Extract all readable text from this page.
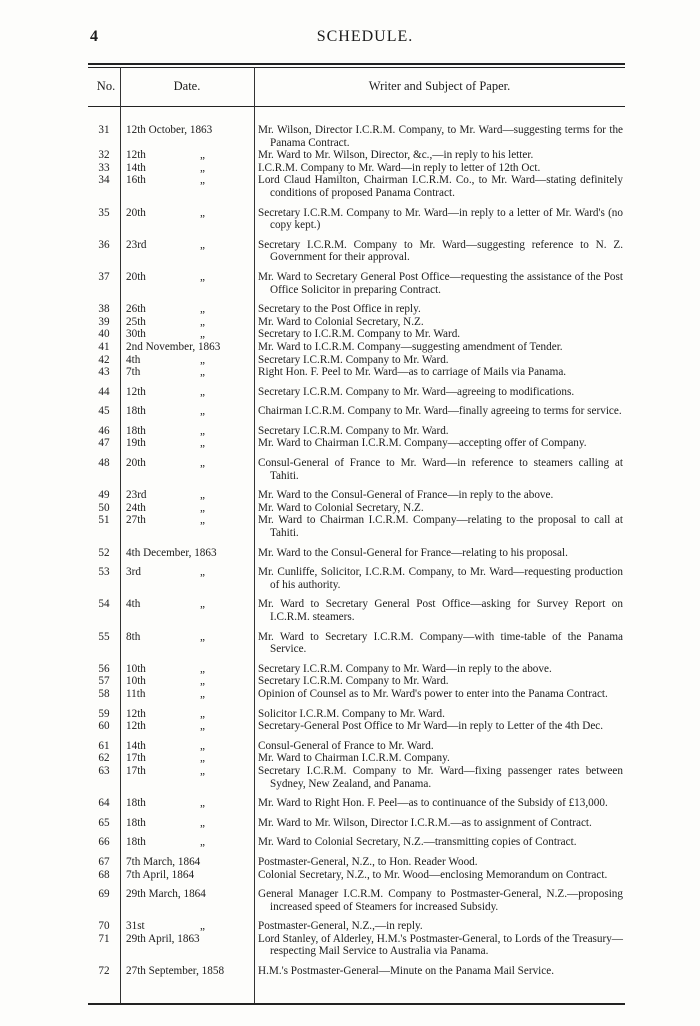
4	SCHEDULE.
No.	Date.	Writer and Subject of Paper.
31	12th October, 1863	Mr. Wilson, Director I.C.R.M. Company, to Mr. Ward—suggesting terms for the Panama Contract.
32	12th	„	Mr. Ward to Mr. Wilson, Director, &c.,—in reply to his letter.
33	14th	„	I.C.R.M. Company to Mr. Ward—in reply to letter of 12th Oct.
34	16th	„	Lord Claud Hamilton, Chairman I.C.R.M. Co., to Mr. Ward—stating definitely conditions of proposed Panama Contract.
35	20th	„	Secretary I.C.R.M. Company to Mr. Ward—in reply to a letter of Mr. Ward's (no copy kept.)
36	23rd	„	Secretary I.C.R.M. Company to Mr. Ward—suggesting reference to N. Z. Government for their approval.
37	20th	„	Mr. Ward to Secretary General Post Office—requesting the assistance of the Post Office Solicitor in preparing Contract.
38	26th	„	Secretary to the Post Office in reply.
39	25th	„	Mr. Ward to Colonial Secretary, N.Z.
40	30th	„	Secretary to I.C.R.M. Company to Mr. Ward.
41	2nd November, 1863	Mr. Ward to I.C.R.M. Company—suggesting amendment of Tender.
42	4th	„	Secretary I.C.R.M. Company to Mr. Ward.
43	7th	„	Right Hon. F. Peel to Mr. Ward—as to carriage of Mails via Panama.
44	12th	„	Secretary I.C.R.M. Company to Mr. Ward—agreeing to modifications.
45	18th	„	Chairman I.C.R.M. Company to Mr. Ward—finally agreeing to terms for service.
46	18th	„	Secretary I.C.R.M. Company to Mr. Ward.
47	19th	„	Mr. Ward to Chairman I.C.R.M. Company—accepting offer of Company.
48	20th	„	Consul-General of France to Mr. Ward—in reference to steamers calling at Tahiti.
49	23rd	„	Mr. Ward to the Consul-General of France—in reply to the above.
50	24th	„	Mr. Ward to Colonial Secretary, N.Z.
51	27th	„	Mr. Ward to Chairman I.C.R.M. Company—relating to the proposal to call at Tahiti.
52	4th December, 1863	Mr. Ward to the Consul-General for France—relating to his proposal.
53	3rd	„	Mr. Cunliffe, Solicitor, I.C.R.M. Company, to Mr. Ward—requesting production of his authority.
54	4th	„	Mr. Ward to Secretary General Post Office—asking for Survey Report on I.C.R.M. steamers.
55	8th	„	Mr. Ward to Secretary I.C.R.M. Company—with time-table of the Panama Service.
56	10th	„	Secretary I.C.R.M. Company to Mr. Ward—in reply to the above.
57	10th	„	Secretary I.C.R.M. Company to Mr. Ward.
58	11th	„	Opinion of Counsel as to Mr. Ward's power to enter into the Panama Contract.
59	12th	„	Solicitor I.C.R.M. Company to Mr. Ward.
60	12th	„	Secretary-General Post Office to Mr Ward—in reply to Letter of the 4th Dec.
61	14th	„	Consul-General of France to Mr. Ward.
62	17th	„	Mr. Ward to Chairman I.C.R.M. Company.
63	17th	„	Secretary I.C.R.M. Company to Mr. Ward—fixing passenger rates between Sydney, New Zealand, and Panama.
64	18th	„	Mr. Ward to Right Hon. F. Peel—as to continuance of the Subsidy of £13,000.
65	18th	„	Mr. Ward to Mr. Wilson, Director I.C.R.M.—as to assignment of Contract.
66	18th	„	Mr. Ward to Colonial Secretary, N.Z.—transmitting copies of Contract.
67	7th March, 1864	Postmaster-General, N.Z., to Hon. Reader Wood.
68	7th April, 1864	Colonial Secretary, N.Z., to Mr. Wood—enclosing Memorandum on Contract.
69	29th March, 1864	General Manager I.C.R.M. Company to Postmaster-General, N.Z.—proposing increased speed of Steamers for increased Subsidy.
70	31st	„	Postmaster-General, N.Z.,—in reply.
71	29th April, 1863	Lord Stanley, of Alderley, H.M.'s Postmaster-General, to Lords of the Treasury—respecting Mail Service to Australia via Panama.
72	27th September, 1858	H.M.'s Postmaster-General—Minute on the Panama Mail Service.
